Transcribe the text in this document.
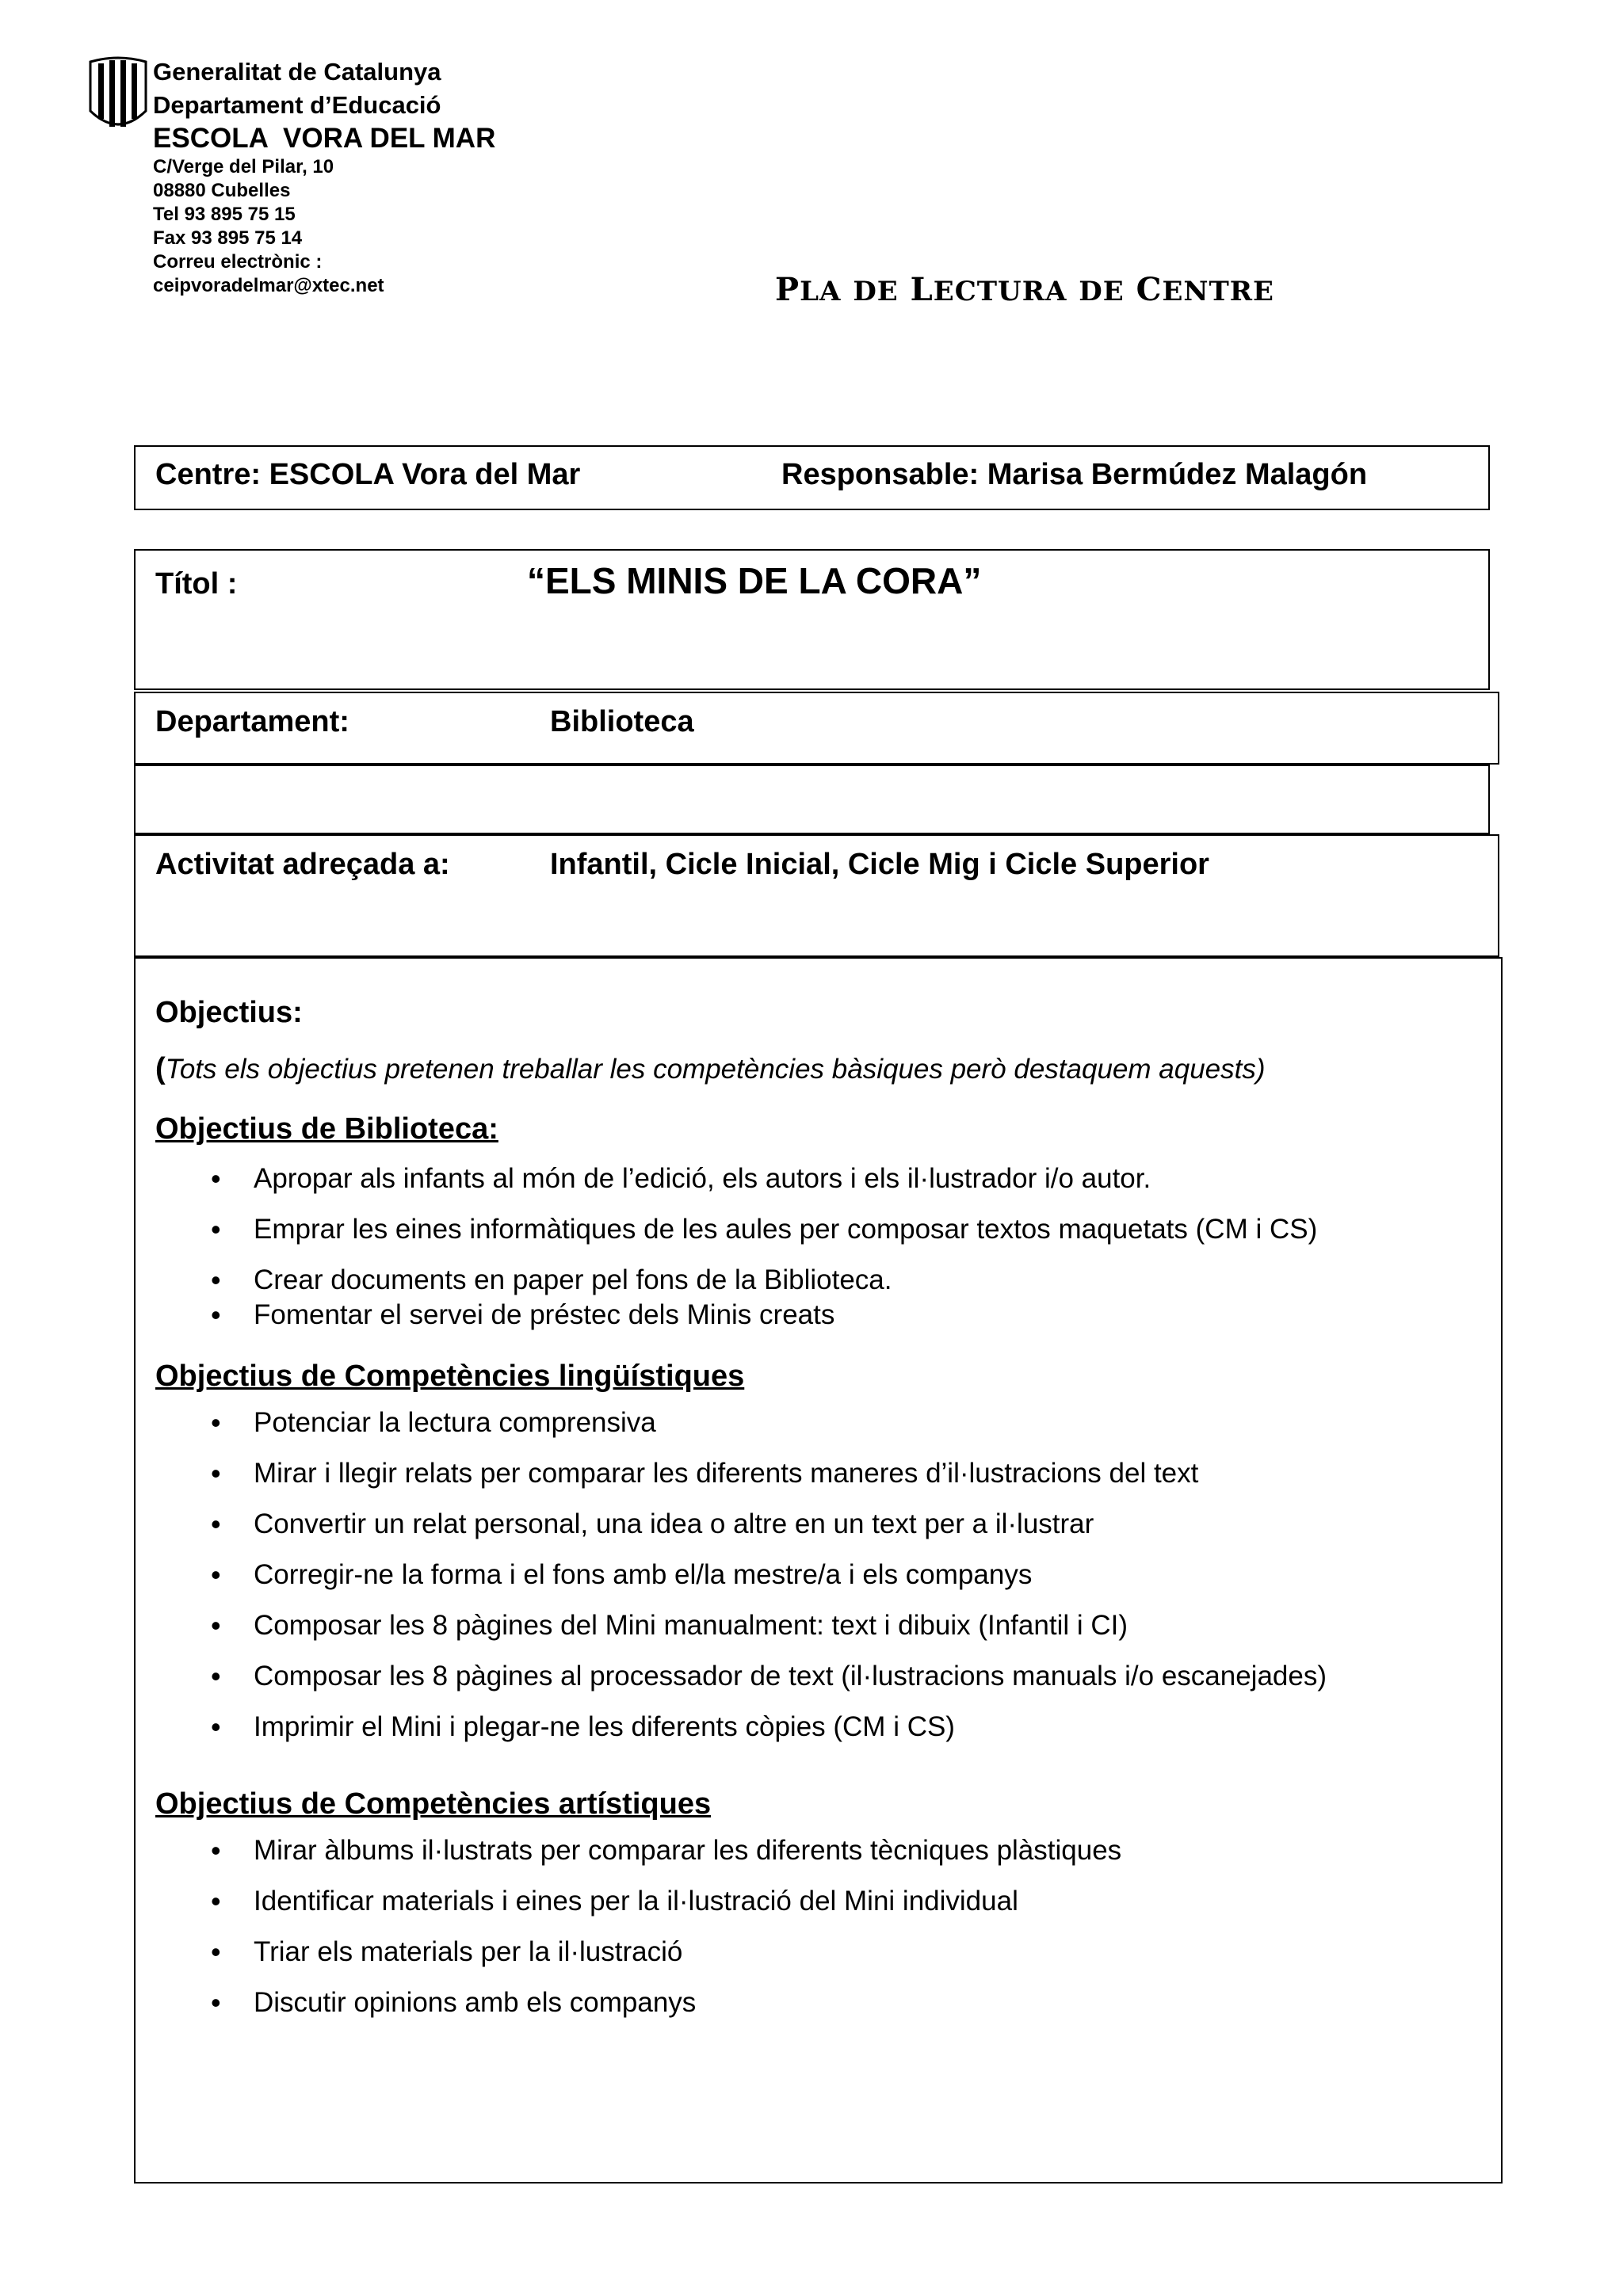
Generalitat de Catalunya
Departament d’Educació
ESCOLA  VORA DEL MAR
C/Verge del Pilar, 10
08880 Cubelles
Tel 93 895 75 15
Fax 93 895 75 14
Correu electrònic :
ceipvoradelmar@xtec.net	PLA DE LECTURA DE CENTRE
Centre: ESCOLA Vora del Mar	Responsable: Marisa Bermúdez Malagón
Títol :	“ELS MINIS DE LA CORA”
Departament:	Biblioteca
Activitat adreçada a:	Infantil, Cicle Inicial, Cicle Mig i Cicle Superior
Objectius:
(Tots els objectius pretenen treballar les competències bàsiques però destaquem aquests)
Objectius de Biblioteca:
• Apropar als infants al món de l’edició, els autors i els il·lustrador i/o autor.
• Emprar les eines informàtiques de les aules per composar textos maquetats (CM i CS)
• Crear documents en paper pel fons de la Biblioteca.
• Fomentar el servei de préstec dels Minis creats
Objectius de Competències lingüístiques
• Potenciar la lectura comprensiva
• Mirar i llegir relats per comparar les diferents maneres d’il·lustracions del text
• Convertir un relat personal, una idea o altre en un text per a il·lustrar
• Corregir-ne la forma i el fons amb el/la mestre/a i els companys
• Composar les 8 pàgines del Mini manualment: text i dibuix (Infantil i CI)
• Composar les 8 pàgines al processador de text (il·lustracions manuals i/o escanejades)
• Imprimir el Mini i plegar-ne les diferents còpies (CM i CS)
Objectius de Competències artístiques
• Mirar àlbums il·lustrats per comparar les diferents tècniques plàstiques
• Identificar materials i eines per la il·lustració del Mini individual
• Triar els materials per la il·lustració
• Discutir opinions amb els companys
